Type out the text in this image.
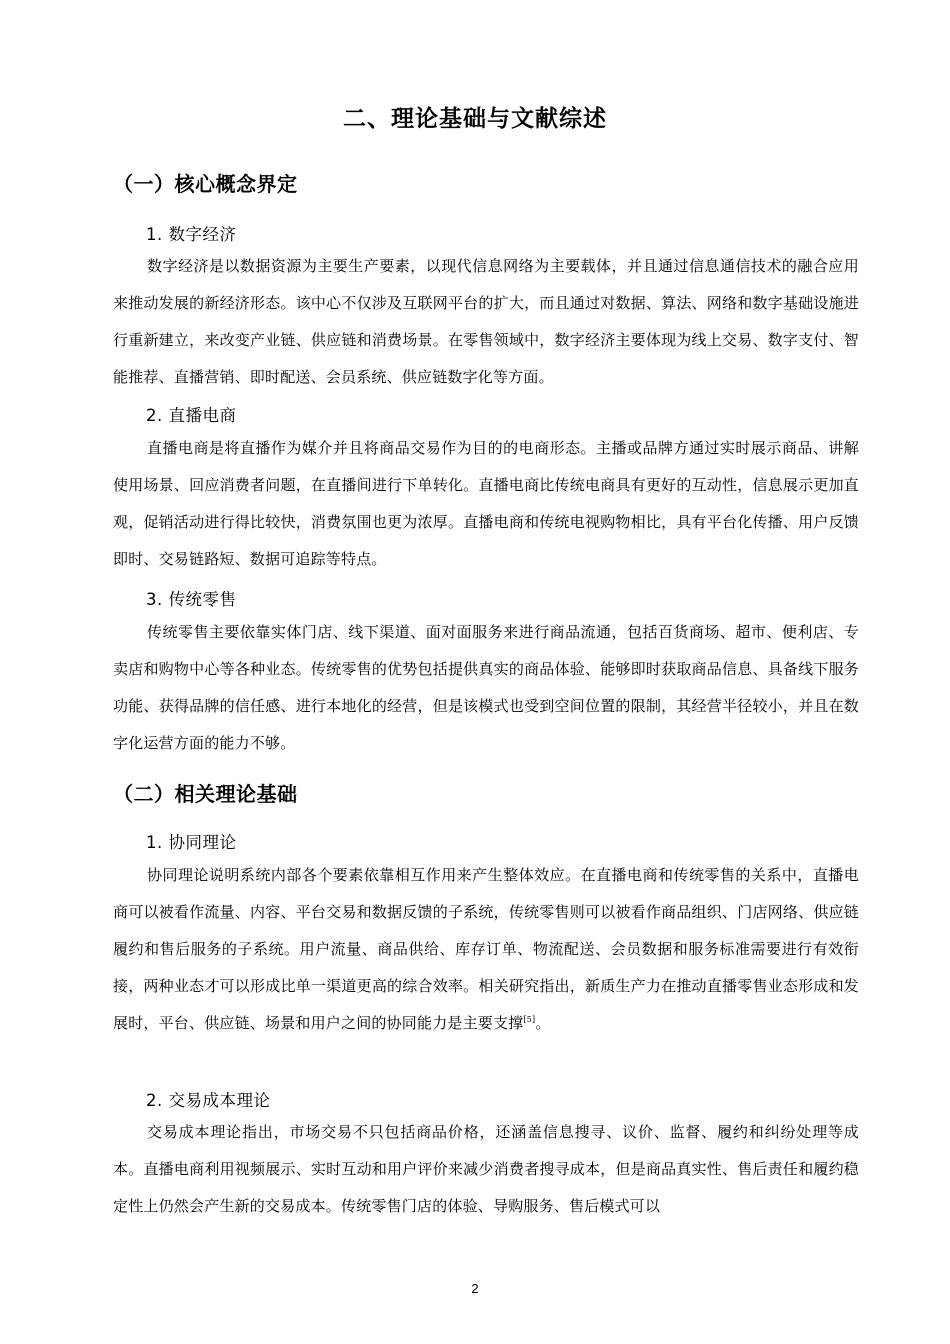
二、理论基础与文献综述
（一）核心概念界定
1. 数字经济

数字经济是以数据资源为主要生产要素，以现代信息网络为主要载体，并且通过信息通信技术的融合应用来推动发展的新经济形态。该中心不仅涉及互联网平台的扩大，而且通过对数据、算法、网络和数字基础设施进行重新建立，来改变产业链、供应链和消费场景。在零售领域中，数字经济主要体现为线上交易、数字支付、智能推荐、直播营销、即时配送、会员系统、供应链数字化等方面。

2. 直播电商

直播电商是将直播作为媒介并且将商品交易作为目的的电商形态。主播或品牌方通过实时展示商品、讲解使用场景、回应消费者问题，在直播间进行下单转化。直播电商比传统电商具有更好的互动性，信息展示更加直观，促销活动进行得比较快，消费氛围也更为浓厚。直播电商和传统电视购物相比，具有平台化传播、用户反馈即时、交易链路短、数据可追踪等特点。

3. 传统零售

传统零售主要依靠实体门店、线下渠道、面对面服务来进行商品流通，包括百货商场、超市、便利店、专卖店和购物中心等各种业态。传统零售的优势包括提供真实的商品体验、能够即时获取商品信息、具备线下服务功能、获得品牌的信任感、进行本地化的经营，但是该模式也受到空间位置的限制，其经营半径较小，并且在数字化运营方面的能力不够。

（二）相关理论基础
1. 协同理论

协同理论说明系统内部各个要素依靠相互作用来产生整体效应。在直播电商和传统零售的关系中，直播电商可以被看作流量、内容、平台交易和数据反馈的子系统，传统零售则可以被看作商品组织、门店网络、供应链履约和售后服务的子系统。用户流量、商品供给、库存订单、物流配送、会员数据和服务标准需要进行有效衔接，两种业态才可以形成比单一渠道更高的综合效率。相关研究指出，新质生产力在推动直播零售业态形成和发展时，平台、供应链、场景和用户之间的协同能力是主要支撑[5]。

2. 交易成本理论

交易成本理论指出，市场交易不只包括商品价格，还涵盖信息搜寻、议价、监督、履约和纠纷处理等成本。直播电商利用视频展示、实时互动和用户评价来减少消费者搜寻成本，但是商品真实性、售后责任和履约稳定性上仍然会产生新的交易成本。传统零售门店的体验、导购服务、售后模式可以

2
